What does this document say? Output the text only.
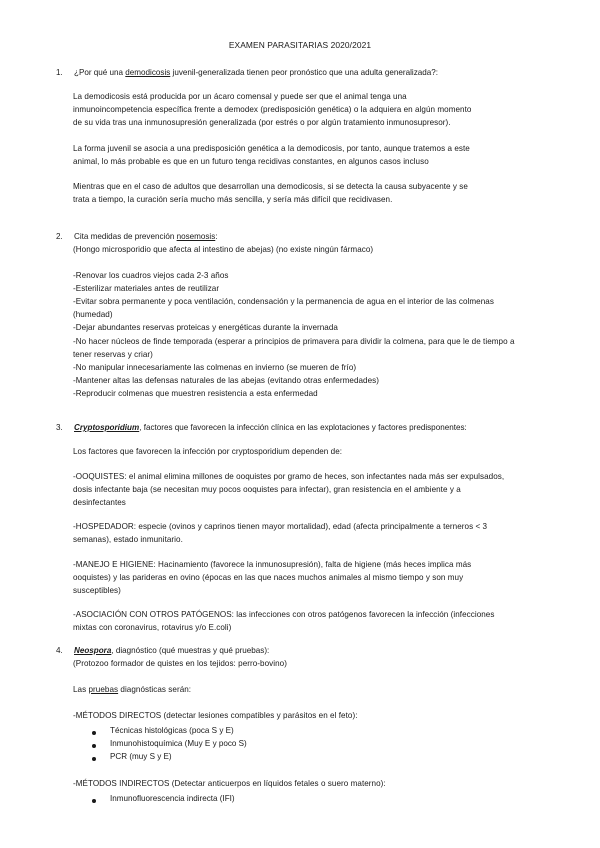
EXAMEN PARASITARIAS 2020/2021
1. ¿Por qué una demodicosis juvenil-generalizada tienen peor pronóstico que una adulta generalizada?:
La demodicosis está producida por un ácaro comensal y puede ser que el animal tenga una
inmunoincompetencia específica frente a demodex (predisposición genética) o la adquiera en algún momento
de su vida tras una inmunosupresión generalizada (por estrés o por algún tratamiento inmunosupresor).
La forma juvenil se asocia a una predisposición genética a la demodicosis, por tanto, aunque tratemos a este
animal, lo más probable es que en un futuro tenga recidivas constantes, en algunos casos incluso
Mientras que en el caso de adultos que desarrollan una demodicosis, si se detecta la causa subyacente y se
trata a tiempo, la curación sería mucho más sencilla, y sería más difícil que recidivasen.
2. Cita medidas de prevención nosemosis:
(Hongo microsporidio que afecta al intestino de abejas) (no existe ningún fármaco)
-Renovar los cuadros viejos cada 2-3 años
-Esterilizar materiales antes de reutilizar
-Evitar sobra permanente y poca ventilación, condensación y la permanencia de agua en el interior de las colmenas
(humedad)
-Dejar abundantes reservas proteicas y energéticas durante la invernada
-No hacer núcleos de finde temporada (esperar a principios de primavera para dividir la colmena, para que le de tiempo a
tener reservas y criar)
-No manipular innecesariamente las colmenas en invierno (se mueren de frío)
-Mantener altas las defensas naturales de las abejas (evitando otras enfermedades)
-Reproducir colmenas que muestren resistencia a esta enfermedad
3. Cryptosporidium, factores que favorecen la infección clínica en las explotaciones y factores predisponentes:
Los factores que favorecen la infección por cryptosporidium dependen de:
-OOQUISTES: el animal elimina millones de ooquistes por gramo de heces, son infectantes nada más ser expulsados,
dosis infectante baja (se necesitan muy pocos ooquistes para infectar), gran resistencia en el ambiente y a
desinfectantes
-HOSPEDADOR: especie (ovinos y caprinos tienen mayor mortalidad), edad (afecta principalmente a terneros < 3
semanas), estado inmunitario.
-MANEJO E HIGIENE: Hacinamiento (favorece la inmunosupresión), falta de higiene (más heces implica más
ooquistes) y las parideras en ovino (épocas en las que naces muchos animales al mismo tiempo y son muy
susceptibles)
-ASOCIACIÓN CON OTROS PATÓGENOS: las infecciones con otros patógenos favorecen la infección (infecciones
mixtas con coronavirus, rotavirus y/o E.coli)
4. Neospora, diagnóstico (qué muestras y qué pruebas):
(Protozoo formador de quistes en los tejidos: perro-bovino)
Las pruebas diagnósticas serán:
-MÉTODOS DIRECTOS (detectar lesiones compatibles y parásitos en el feto):
Técnicas histológicas (poca S y E)
Inmunohistoquímica (Muy E y poco S)
PCR (muy S y E)
-MÉTODOS INDIRECTOS (Detectar anticuerpos en líquidos fetales o suero materno):
Inmunofluorescencia indirecta (IFI)
